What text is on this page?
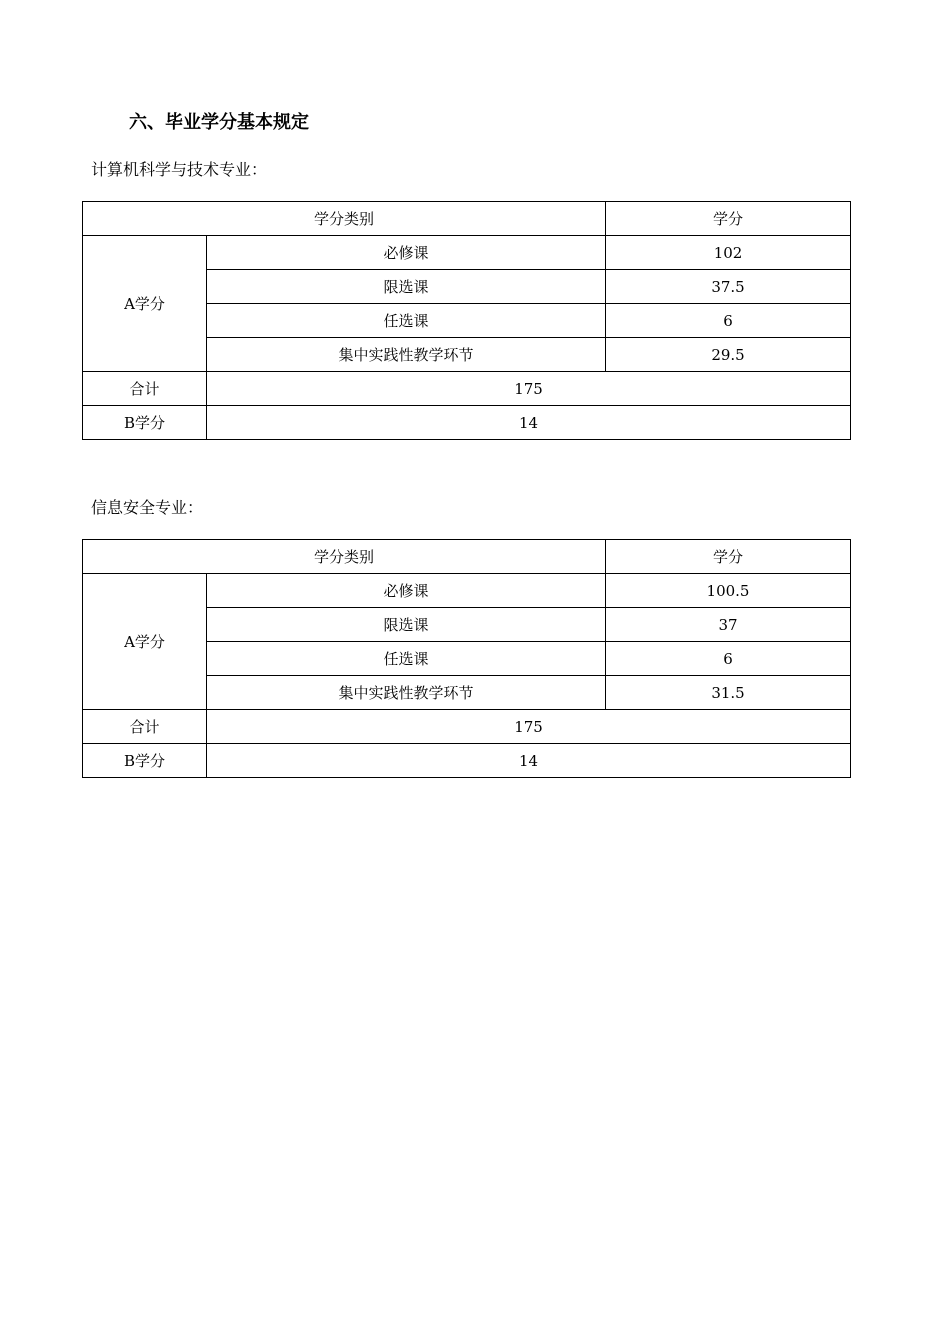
六、毕业学分基本规定
计算机科学与技术专业：
学分类别		学分
A学分	必修课	102
	限选课	37.5
	任选课	6
	集中实践性教学环节	29.5
合计	175	
B学分	14	
信息安全专业：
学分类别		学分
A学分	必修课	100.5
	限选课	37
	任选课	6
	集中实践性教学环节	31.5
合计	175	
B学分	14	
